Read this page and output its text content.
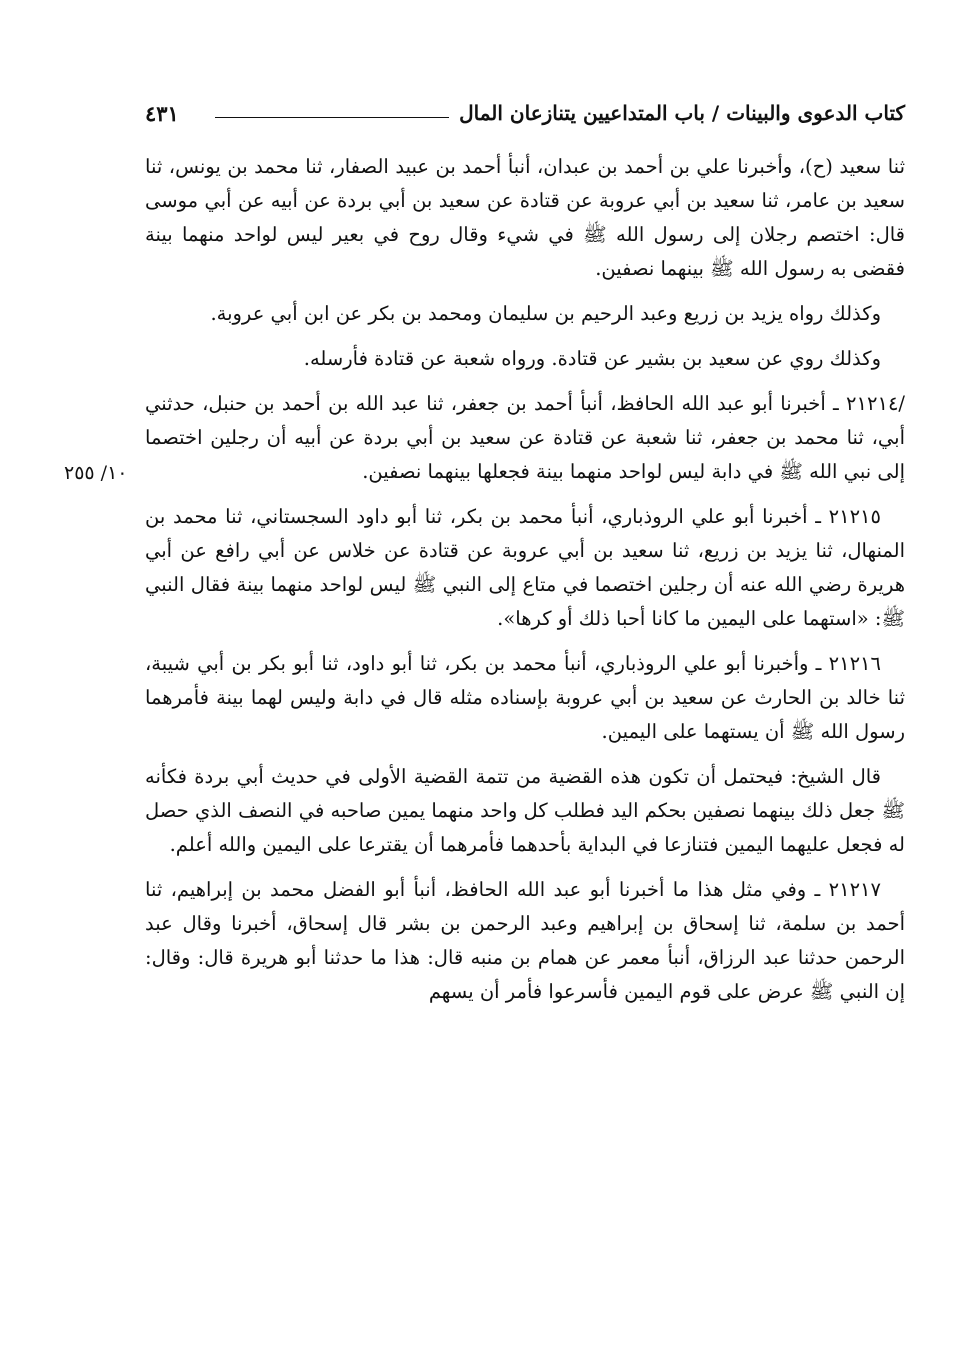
٤٣١	كتاب الدعوى والبينات / باب المتداعيين يتنازعان المال
١٠/ ٢٥٥

ثنا سعيد (ح)، وأخبرنا علي بن أحمد بن عبدان، أنبأ أحمد بن عبيد الصفار، ثنا محمد بن يونس، ثنا سعيد بن عامر، ثنا سعيد بن أبي عروبة عن قتادة عن سعيد بن أبي بردة عن أبيه عن أبي موسى قال: اختصم رجلان إلى رسول الله ﷺ في شيء وقال روح في بعير ليس لواحد منهما بينة فقضى به رسول الله ﷺ بينهما نصفين.

وكذلك رواه يزيد بن زريع وعبد الرحيم بن سليمان ومحمد بن بكر عن ابن أبي عروبة.

وكذلك روي عن سعيد بن بشير عن قتادة. ورواه شعبة عن قتادة فأرسله.

/٢١٢١٤ ـ أخبرنا أبو عبد الله الحافظ، أنبأ أحمد بن جعفر، ثنا عبد الله بن أحمد بن حنبل، حدثني أبي، ثنا محمد بن جعفر، ثنا شعبة عن قتادة عن سعيد بن أبي بردة عن أبيه أن رجلين اختصما إلى نبي الله ﷺ في دابة ليس لواحد منهما بينة فجعلها بينهما نصفين.

٢١٢١٥ ـ أخبرنا أبو علي الروذباري، أنبأ محمد بن بكر، ثنا أبو داود السجستاني، ثنا محمد بن المنهال، ثنا يزيد بن زريع، ثنا سعيد بن أبي عروبة عن قتادة عن خلاس عن أبي رافع عن أبي هريرة رضي الله عنه أن رجلين اختصما في متاع إلى النبي ﷺ ليس لواحد منهما بينة فقال النبي ﷺ: «استهما على اليمين ما كانا أحبا ذلك أو كرها».

٢١٢١٦ ـ وأخبرنا أبو علي الروذباري، أنبأ محمد بن بكر، ثنا أبو داود، ثنا أبو بكر بن أبي شيبة، ثنا خالد بن الحارث عن سعيد بن أبي عروبة بإسناده مثله قال في دابة وليس لهما بينة فأمرهما رسول الله ﷺ أن يستهما على اليمين.

قال الشيخ: فيحتمل أن تكون هذه القضية من تتمة القضية الأولى في حديث أبي بردة فكأنه ﷺ جعل ذلك بينهما نصفين بحكم اليد فطلب كل واحد منهما يمين صاحبه في النصف الذي حصل له فجعل عليهما اليمين فتنازعا في البداية بأحدهما فأمرهما أن يقترعا على اليمين والله أعلم.

٢١٢١٧ ـ وفي مثل هذا ما أخبرنا أبو عبد الله الحافظ، أنبأ أبو الفضل محمد بن إبراهيم، ثنا أحمد بن سلمة، ثنا إسحاق بن إبراهيم وعبد الرحمن بن بشر قال إسحاق، أخبرنا وقال عبد الرحمن حدثنا عبد الرزاق، أنبأ معمر عن همام بن منبه قال: هذا ما حدثنا أبو هريرة قال: وقال: إن النبي ﷺ عرض على قوم اليمين فأسرعوا فأمر أن يسهم
